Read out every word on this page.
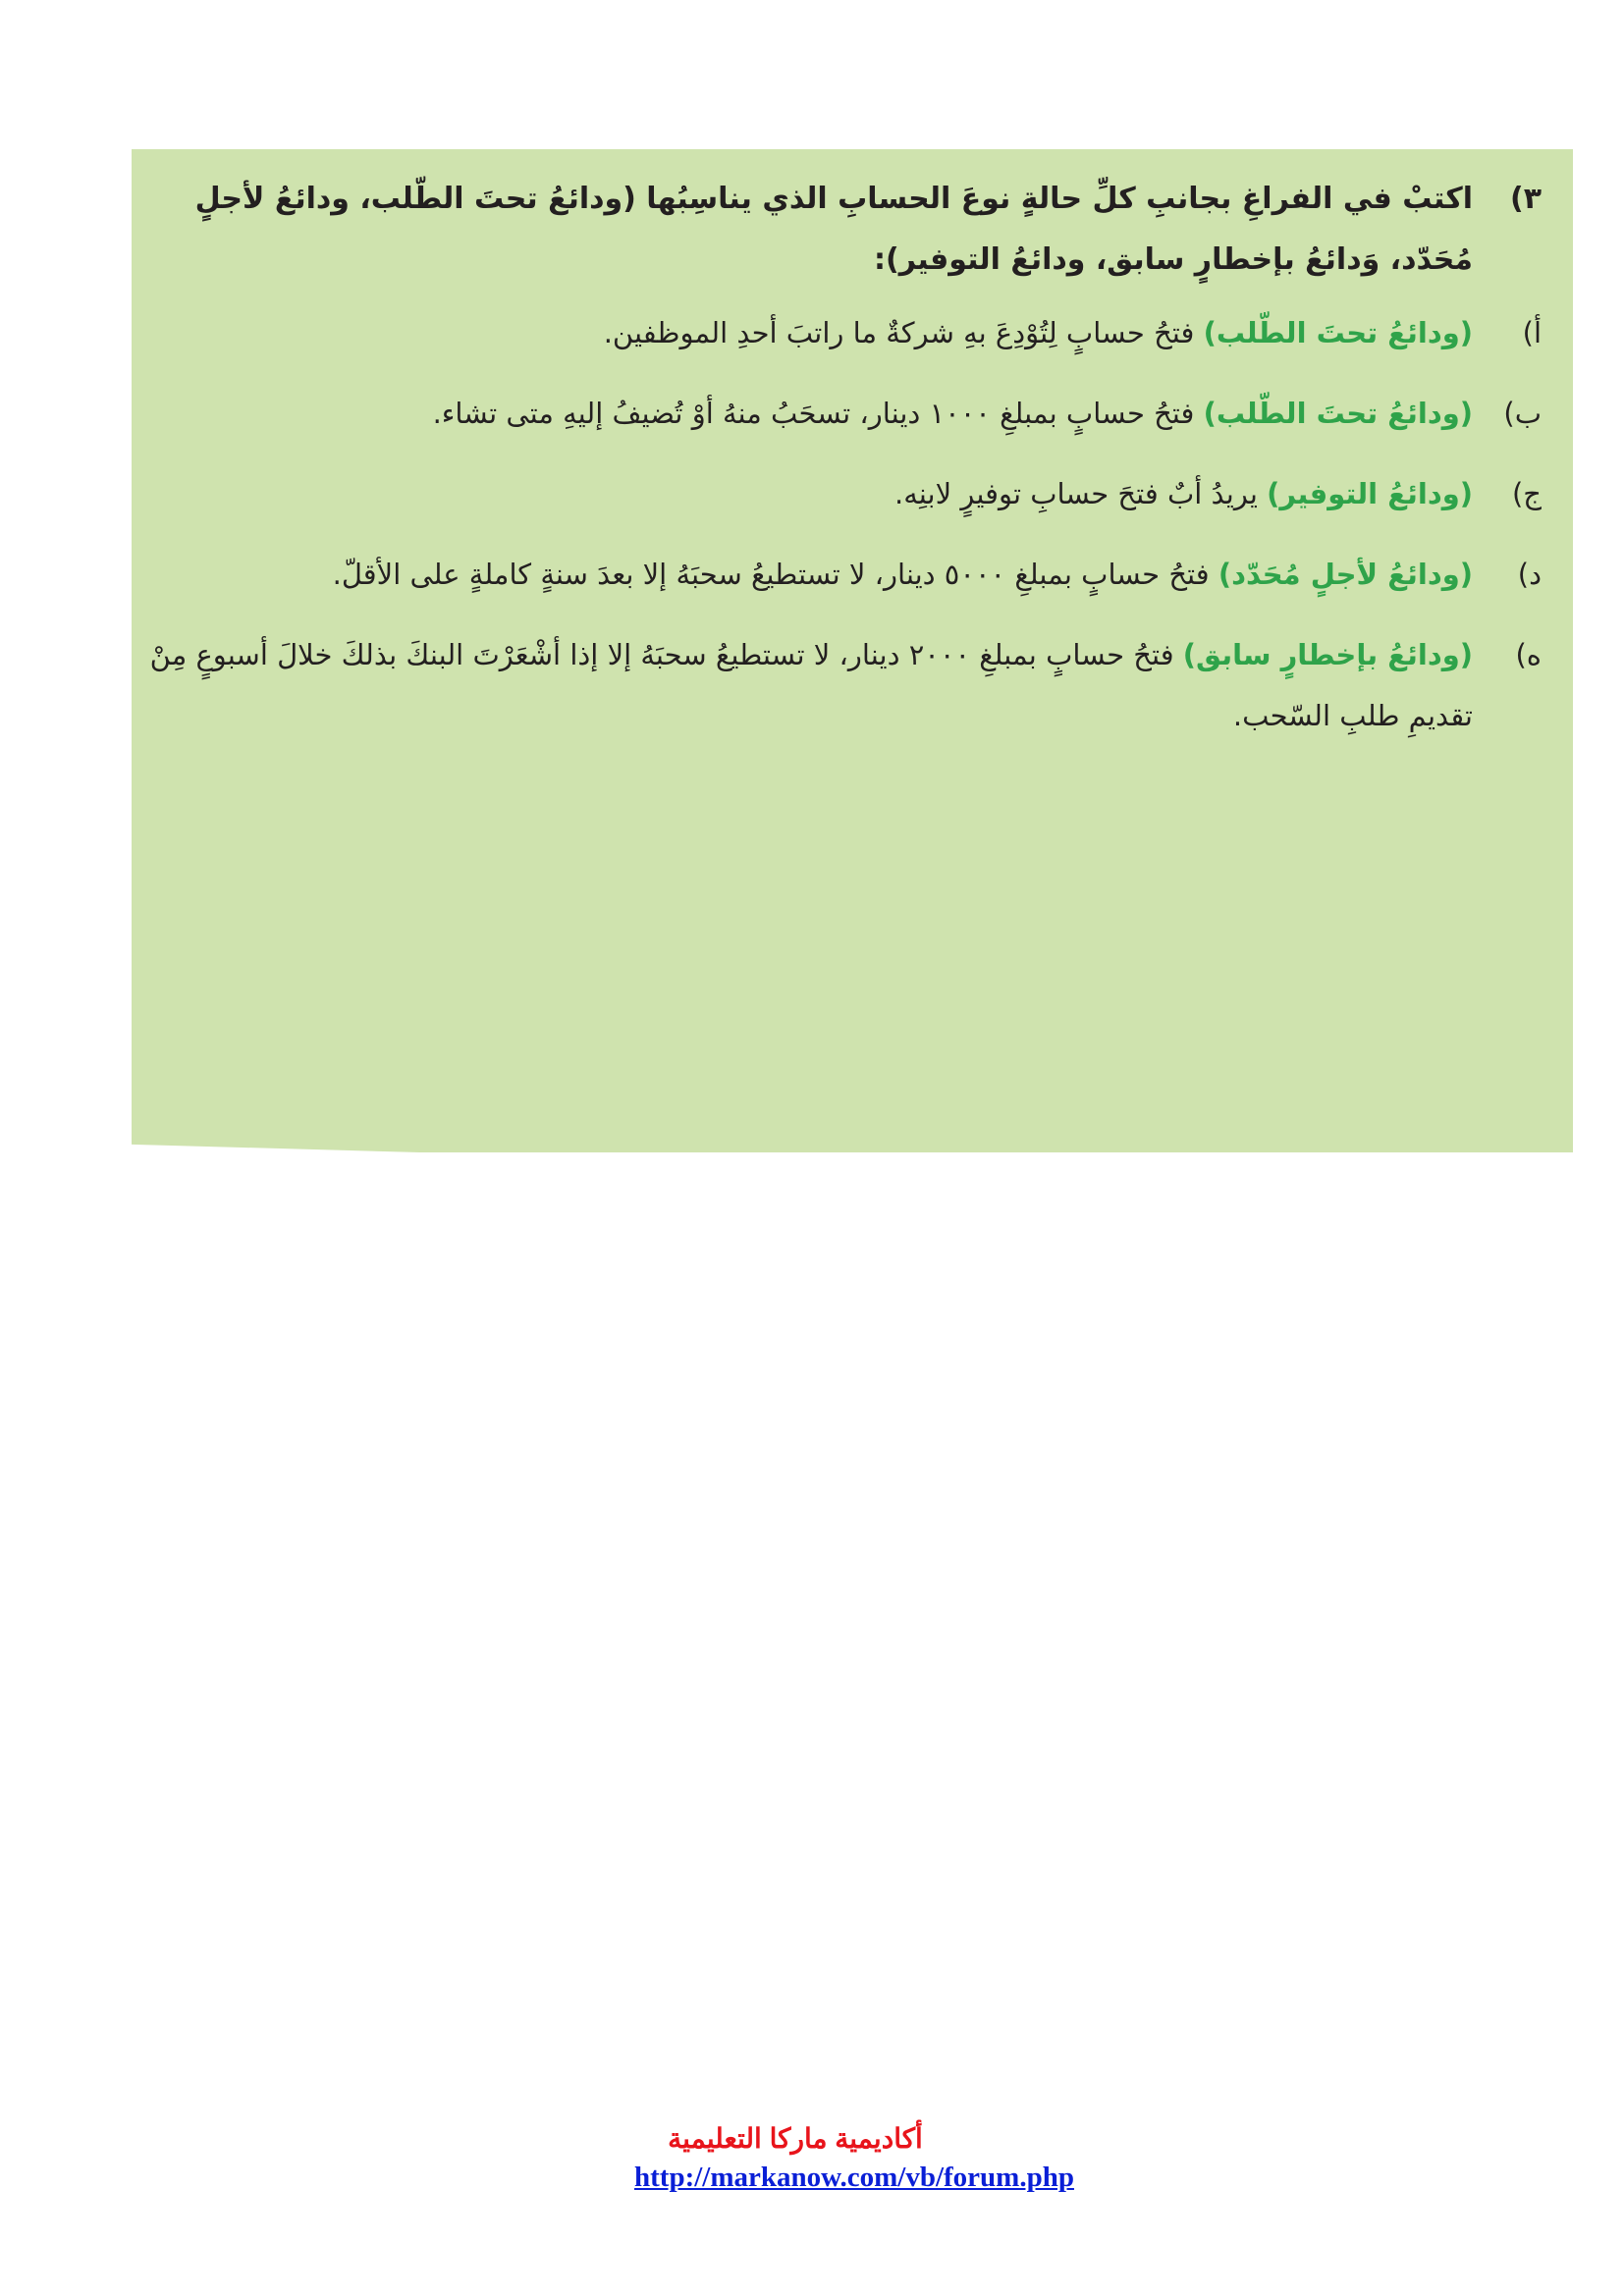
٣)
اكتبْ في الفراغِ بجانبِ كلِّ حالةٍ نوعَ الحسابِ الذي يناسِبُها (ودائعُ تحتَ الطّلب، ودائعُ لأجلٍ مُحَدّد، وَدائعُ بإخطارٍ سابق، ودائعُ التوفير):
أ)
(ودائعُ تحتَ الطّلب) فتحُ حسابٍ لِتُوْدِعَ بهِ شركةٌ ما راتبَ أحدِ الموظفين.
ب)
(ودائعُ تحتَ الطّلب) فتحُ حسابٍ بمبلغِ ١٠٠٠ دينار، تسحَبُ منهُ أوْ تُضيفُ إليهِ متى تشاء.
ج)
(ودائعُ التوفير) يريدُ أبٌ فتحَ حسابِ توفيرٍ لابنِه.
د)
(ودائعُ لأجلٍ مُحَدّد) فتحُ حسابٍ بمبلغِ ٥٠٠٠ دينار، لا تستطيعُ سحبَهُ إلا بعدَ سنةٍ كاملةٍ على الأقلّ.
ه)
(ودائعُ بإخطارٍ سابق) فتحُ حسابٍ بمبلغِ ٢٠٠٠ دينار، لا تستطيعُ سحبَهُ إلا إذا أشْعَرْتَ البنكَ بذلكَ خلالَ أسبوعٍ مِنْ تقديمِ طلبِ السّحب.
أكاديمية ماركا التعليمية
http://markanow.com/vb/forum.php
